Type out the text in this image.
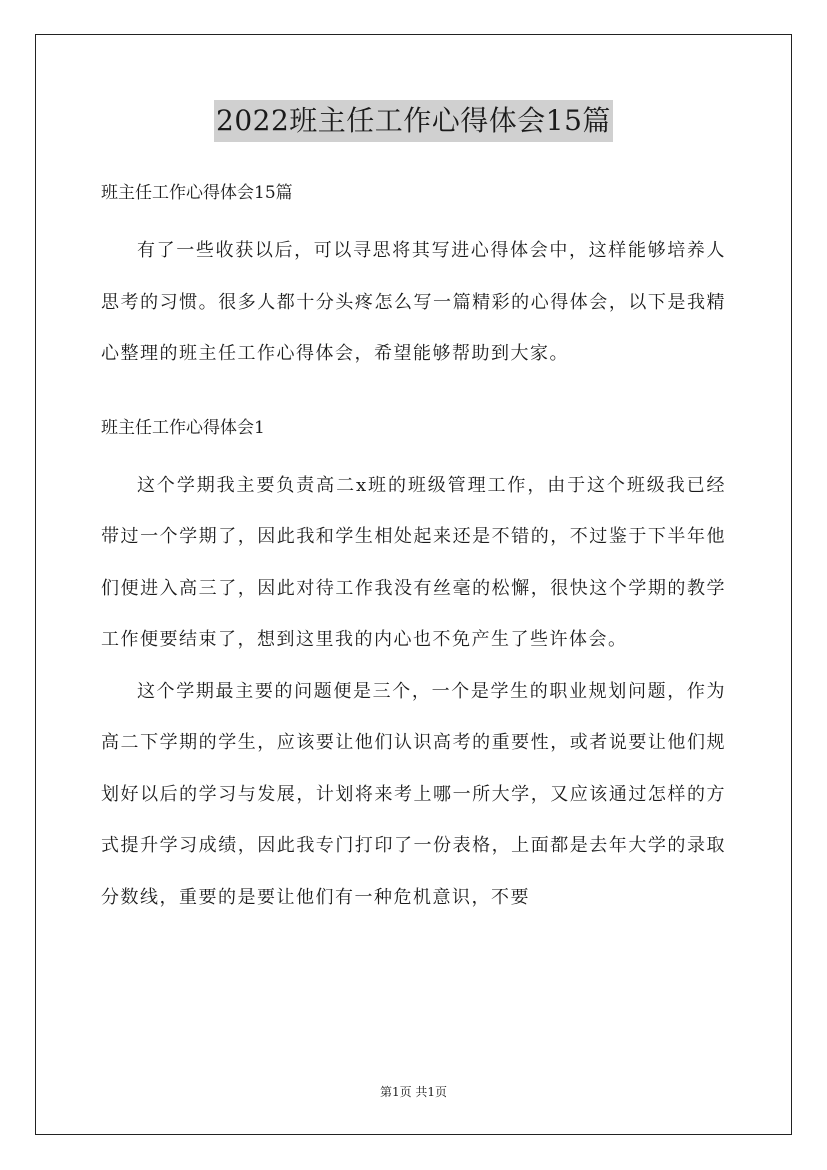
2022班主任工作心得体会15篇

班主任工作心得体会15篇

有了一些收获以后，可以寻思将其写进心得体会中，这样能够培养人思考的习惯。很多人都十分头疼怎么写一篇精彩的心得体会，以下是我精心整理的班主任工作心得体会，希望能够帮助到大家。

班主任工作心得体会1

这个学期我主要负责高二x班的班级管理工作，由于这个班级我已经带过一个学期了，因此我和学生相处起来还是不错的，不过鉴于下半年他们便进入高三了，因此对待工作我没有丝毫的松懈，很快这个学期的教学工作便要结束了，想到这里我的内心也不免产生了些许体会。

这个学期最主要的问题便是三个，一个是学生的职业规划问题，作为高二下学期的学生，应该要让他们认识高考的重要性，或者说要让他们规划好以后的学习与发展，计划将来考上哪一所大学，又应该通过怎样的方式提升学习成绩，因此我专门打印了一份表格，上面都是去年大学的录取分数线，重要的是要让他们有一种危机意识，不要

第1页 共1页
